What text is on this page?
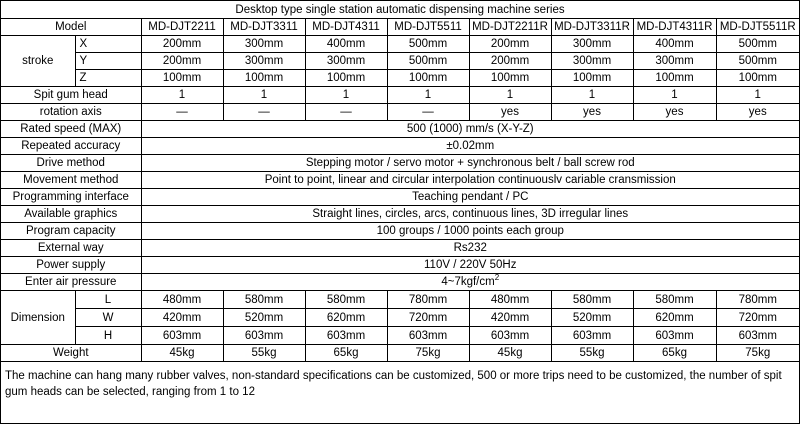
Desktop type single station automatic dispensing machine series									
Model		MD-DJT2211	MD-DJT3311	MD-DJT4311	MD-DJT5511	MD-DJT2211R	MD-DJT3311R	MD-DJT4311R	MD-DJT5511R
stroke	X	200mm	300mm	400mm	500mm	200mm	300mm	400mm	500mm
	Y	200mm	300mm	300mm	500mm	200mm	300mm	300mm	500mm
	Z	100mm	100mm	100mm	100mm	100mm	100mm	100mm	100mm
Spit gum head		1	1	1	1	1	1	1	1
rotation axis		—	—	—	—	yes	yes	yes	yes
Rated speed (MAX)		500 (1000) mm/s (X-Y-Z)							
Repeated accuracy		±0.02mm							
Drive method		Stepping motor / servo motor + synchronous belt / ball screw rod							
Movement method		Point to point, linear and circular interpolation continuouslv cariable cransmission							
Programming interface		Teaching pendant / PC							
Available graphics		Straight lines, circles, arcs, continuous lines, 3D irregular lines							
Program capacity		100 groups / 1000 points each group							
External way		Rs232							
Power supply		110V / 220V 50Hz							
Enter air pressure		$4\sim 7kgf/cm^2$
Dimension	L	480mm	580mm	580mm	780mm	480mm	580mm	580mm	780mm
	W	420mm	520mm	620mm	720mm	420mm	520mm	620mm	720mm
	H	603mm	603mm	603mm	603mm	603mm	603mm	603mm	603mm
Weight		45kg	55kg	65kg	75kg	45kg	55kg	65kg	75kg
The machine can hang many rubber valves, non-standard specifications can be customized, 500 or more trips need to be customized, the number of spit gum heads can be selected, ranging from 1 to 12									
